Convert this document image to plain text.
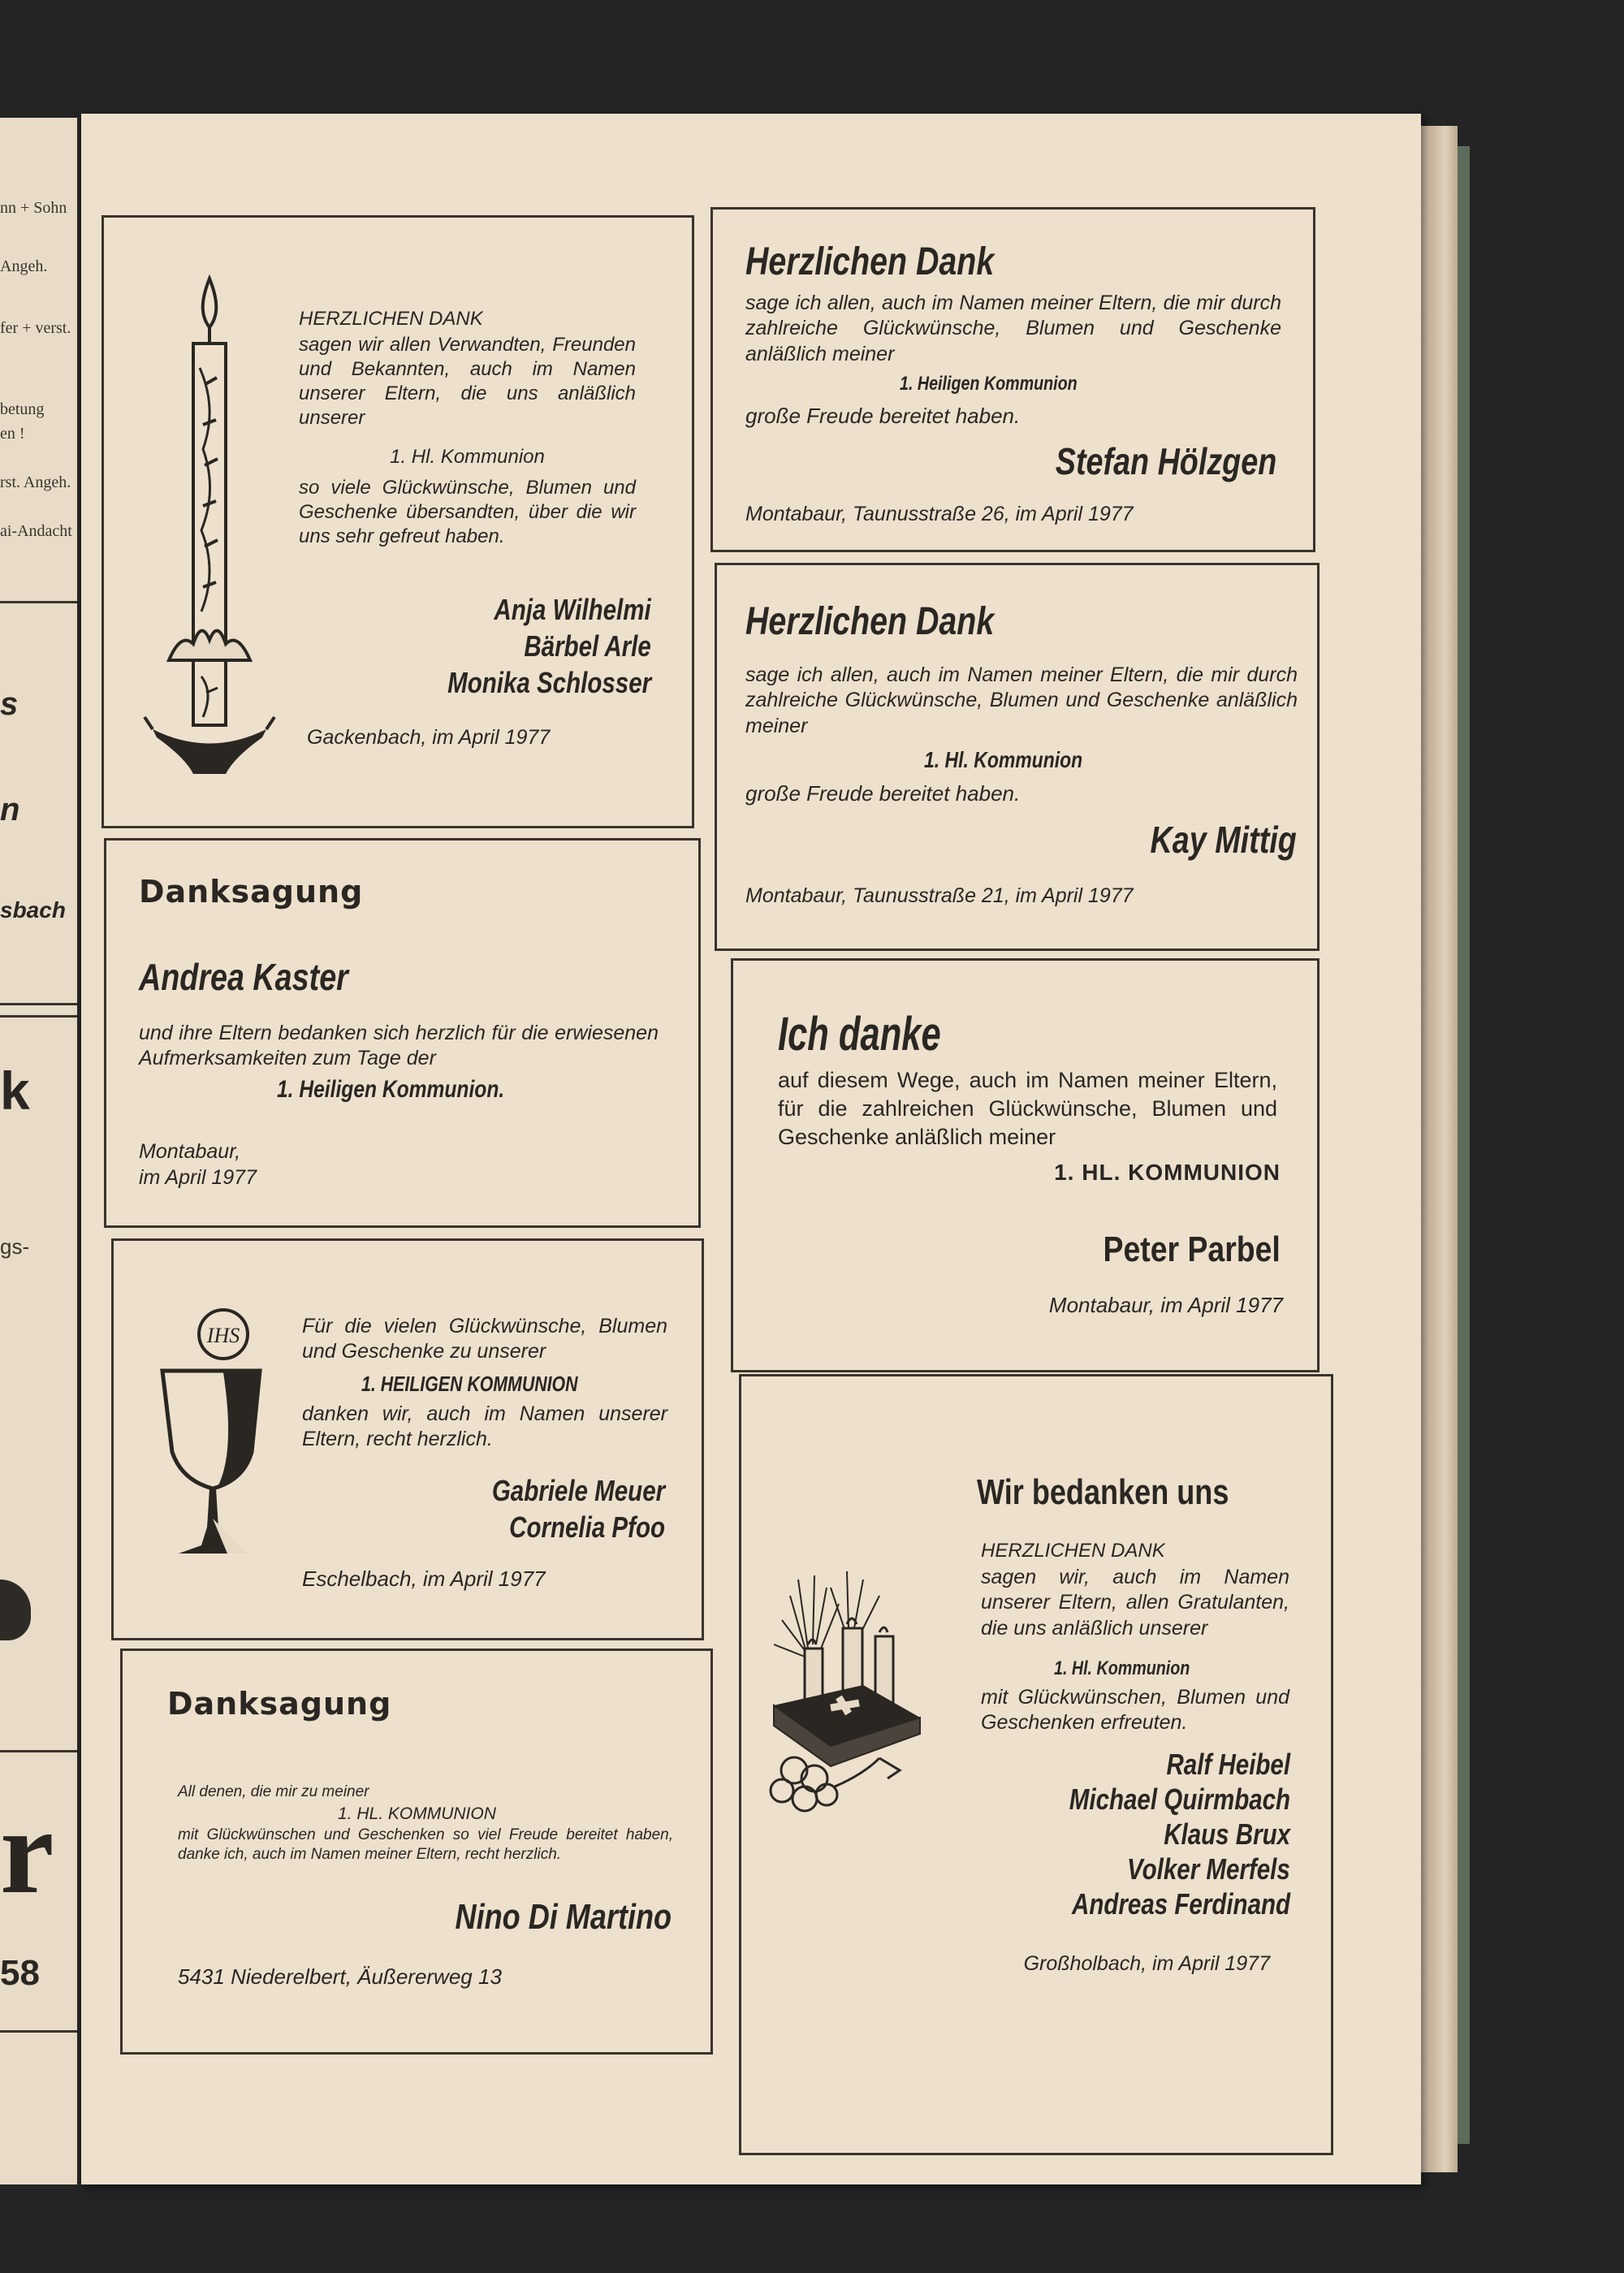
nn + Sohn
Angeh.
fer + verst.
betung
en !
rst. Angeh.
ai-Andacht
s
n
sbach
k
gs-
r
58
HERZLICHEN DANK
sagen wir allen Verwandten, Freunden und Bekannten, auch im Namen unserer Eltern, die uns anläßlich unserer
1. Hl. Kommunion
so viele Glückwünsche, Blumen und Geschenke übersandten, über die wir uns sehr gefreut haben.
Anja Wilhelmi
Bärbel Arle
Monika Schlosser
Gackenbach, im April 1977
Herzlichen Dank
sage ich allen, auch im Namen meiner Eltern, die mir durch zahlreiche Glückwünsche, Blumen und Geschenke anläßlich meiner
1. Heiligen Kommunion
große Freude bereitet haben.
Stefan Hölzgen
Montabaur, Taunusstraße 26, im April 1977
Herzlichen Dank
sage ich allen, auch im Namen meiner Eltern, die mir durch zahlreiche Glückwünsche, Blumen und Geschenke anläßlich meiner
1. Hl. Kommunion
große Freude bereitet haben.
Kay Mittig
Montabaur, Taunusstraße 21, im April 1977
Danksagung
Andrea Kaster
und ihre Eltern bedanken sich herzlich für die erwiesenen Aufmerksamkeiten zum Tage der
1. Heiligen Kommunion.
Montabaur,
im April 1977
Ich danke
auf diesem Wege, auch im Namen meiner Eltern, für die zahlreichen Glückwünsche, Blumen und Geschenke anläßlich meiner
1. HL. KOMMUNION
Peter Parbel
Montabaur, im April 1977
IHS	Für die vielen Glückwünsche, Blumen und Geschenke zu unserer
1. HEILIGEN KOMMUNION
danken wir, auch im Namen unserer Eltern, recht herzlich.
Gabriele Meuer
Cornelia Pfoo
Eschelbach, im April 1977
Wir bedanken uns
HERZLICHEN DANK
sagen wir, auch im Namen unserer Eltern, allen Gratulanten, die uns anläßlich unserer
1. Hl. Kommunion
mit Glückwünschen, Blumen und Geschenken erfreuten.
Ralf Heibel
Michael Quirmbach
Klaus Brux
Volker Merfels
Andreas Ferdinand
Großholbach, im April 1977
Danksagung
All denen, die mir zu meiner
1. HL. KOMMUNION
mit Glückwünschen und Geschenken so viel Freude bereitet haben, danke ich, auch im Namen meiner Eltern, recht herzlich.
Nino Di Martino
5431 Niederelbert, Äußererweg 13
